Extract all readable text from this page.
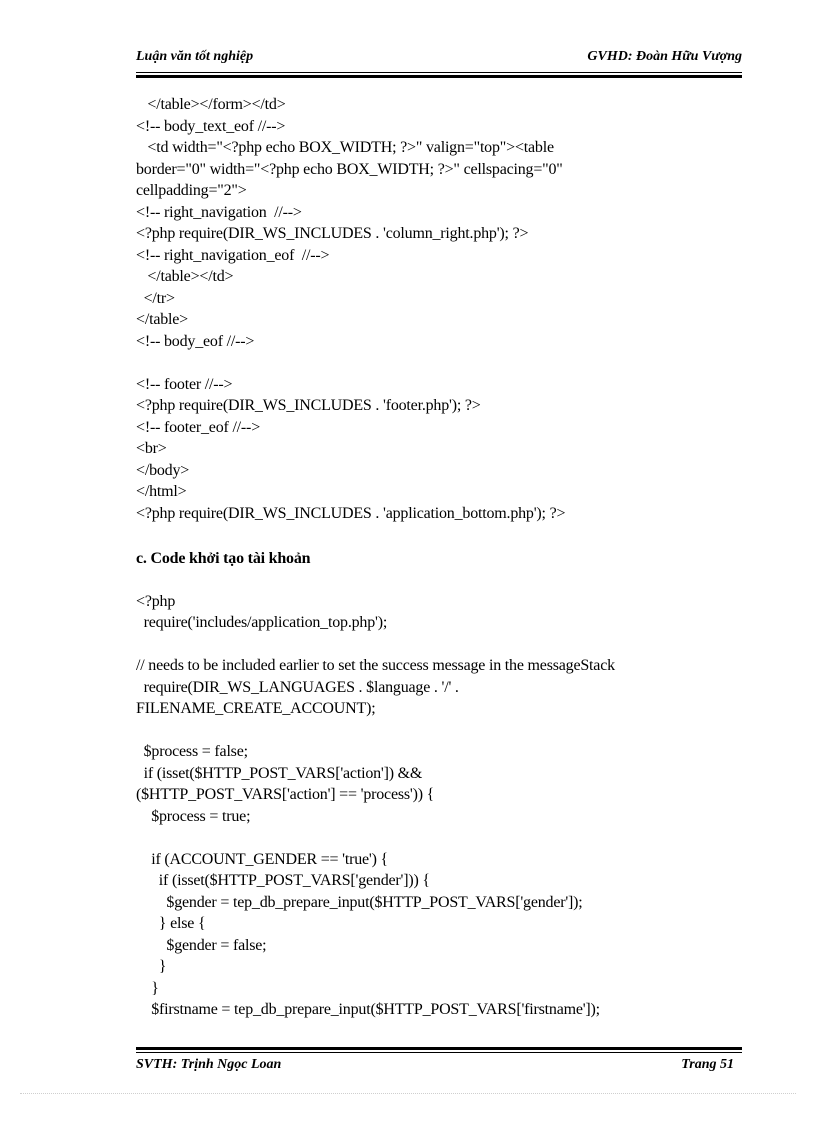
Luận văn tốt nghiệp	GVHD: Đoàn Hữu Vượng
</table></form></td>
<!-- body_text_eof //-->
<td width="<?php echo BOX_WIDTH; ?>" valign="top"><table
border="0" width="<?php echo BOX_WIDTH; ?>" cellspacing="0"
cellpadding="2">
<!-- right_navigation  //-->
<?php require(DIR_WS_INCLUDES . 'column_right.php'); ?>
<!-- right_navigation_eof  //-->
</table></td>
</tr>
</table>
<!-- body_eof //-->
<!-- footer //-->
<?php require(DIR_WS_INCLUDES . 'footer.php'); ?>
<!-- footer_eof //-->
<br>
</body>
</html>
<?php require(DIR_WS_INCLUDES . 'application_bottom.php'); ?>
c. Code khởi tạo tài khoản
<?php
require('includes/application_top.php');
// needs to be included earlier to set the success message in the messageStack
require(DIR_WS_LANGUAGES . $language . '/' .
FILENAME_CREATE_ACCOUNT);
$process = false;
if (isset($HTTP_POST_VARS['action']) &&
($HTTP_POST_VARS['action'] == 'process')) {
$process = true;
if (ACCOUNT_GENDER == 'true') {
if (isset($HTTP_POST_VARS['gender'])) {
$gender = tep_db_prepare_input($HTTP_POST_VARS['gender']);
} else {
$gender = false;
}
}
$firstname = tep_db_prepare_input($HTTP_POST_VARS['firstname']);
SVTH: Trịnh Ngọc Loan	Trang 51
